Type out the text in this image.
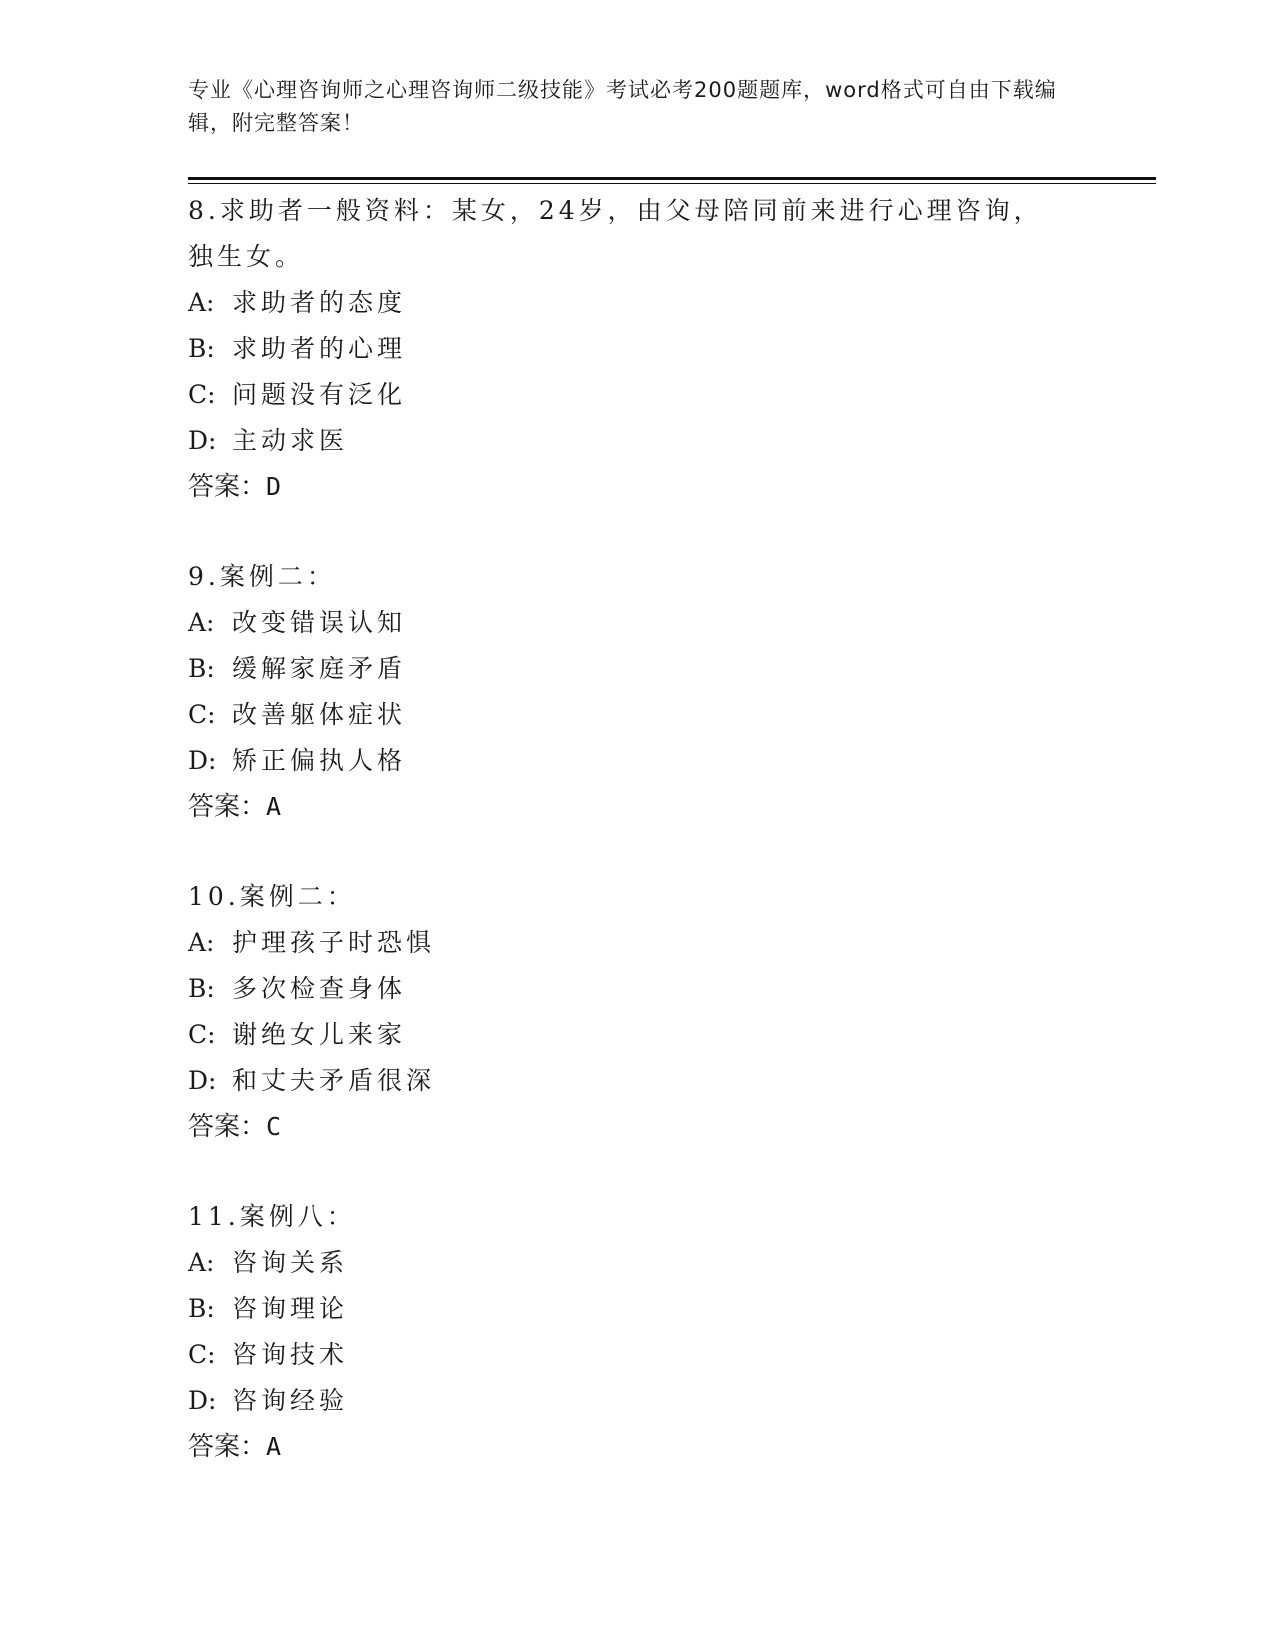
专业《心理咨询师之心理咨询师二级技能》考试必考200题题库，word格式可自由下载编辑，附完整答案！
8.求助者一般资料：某女，24岁，由父母陪同前来进行心理咨询，独生女。
A: 求助者的态度
B: 求助者的心理
C: 问题没有泛化
D: 主动求医
答案：D
9.案例二：
A: 改变错误认知
B: 缓解家庭矛盾
C: 改善躯体症状
D: 矫正偏执人格
答案：A
10.案例二：
A: 护理孩子时恐惧
B: 多次检查身体
C: 谢绝女儿来家
D: 和丈夫矛盾很深
答案：C
11.案例八：
A: 咨询关系
B: 咨询理论
C: 咨询技术
D: 咨询经验
答案：A
